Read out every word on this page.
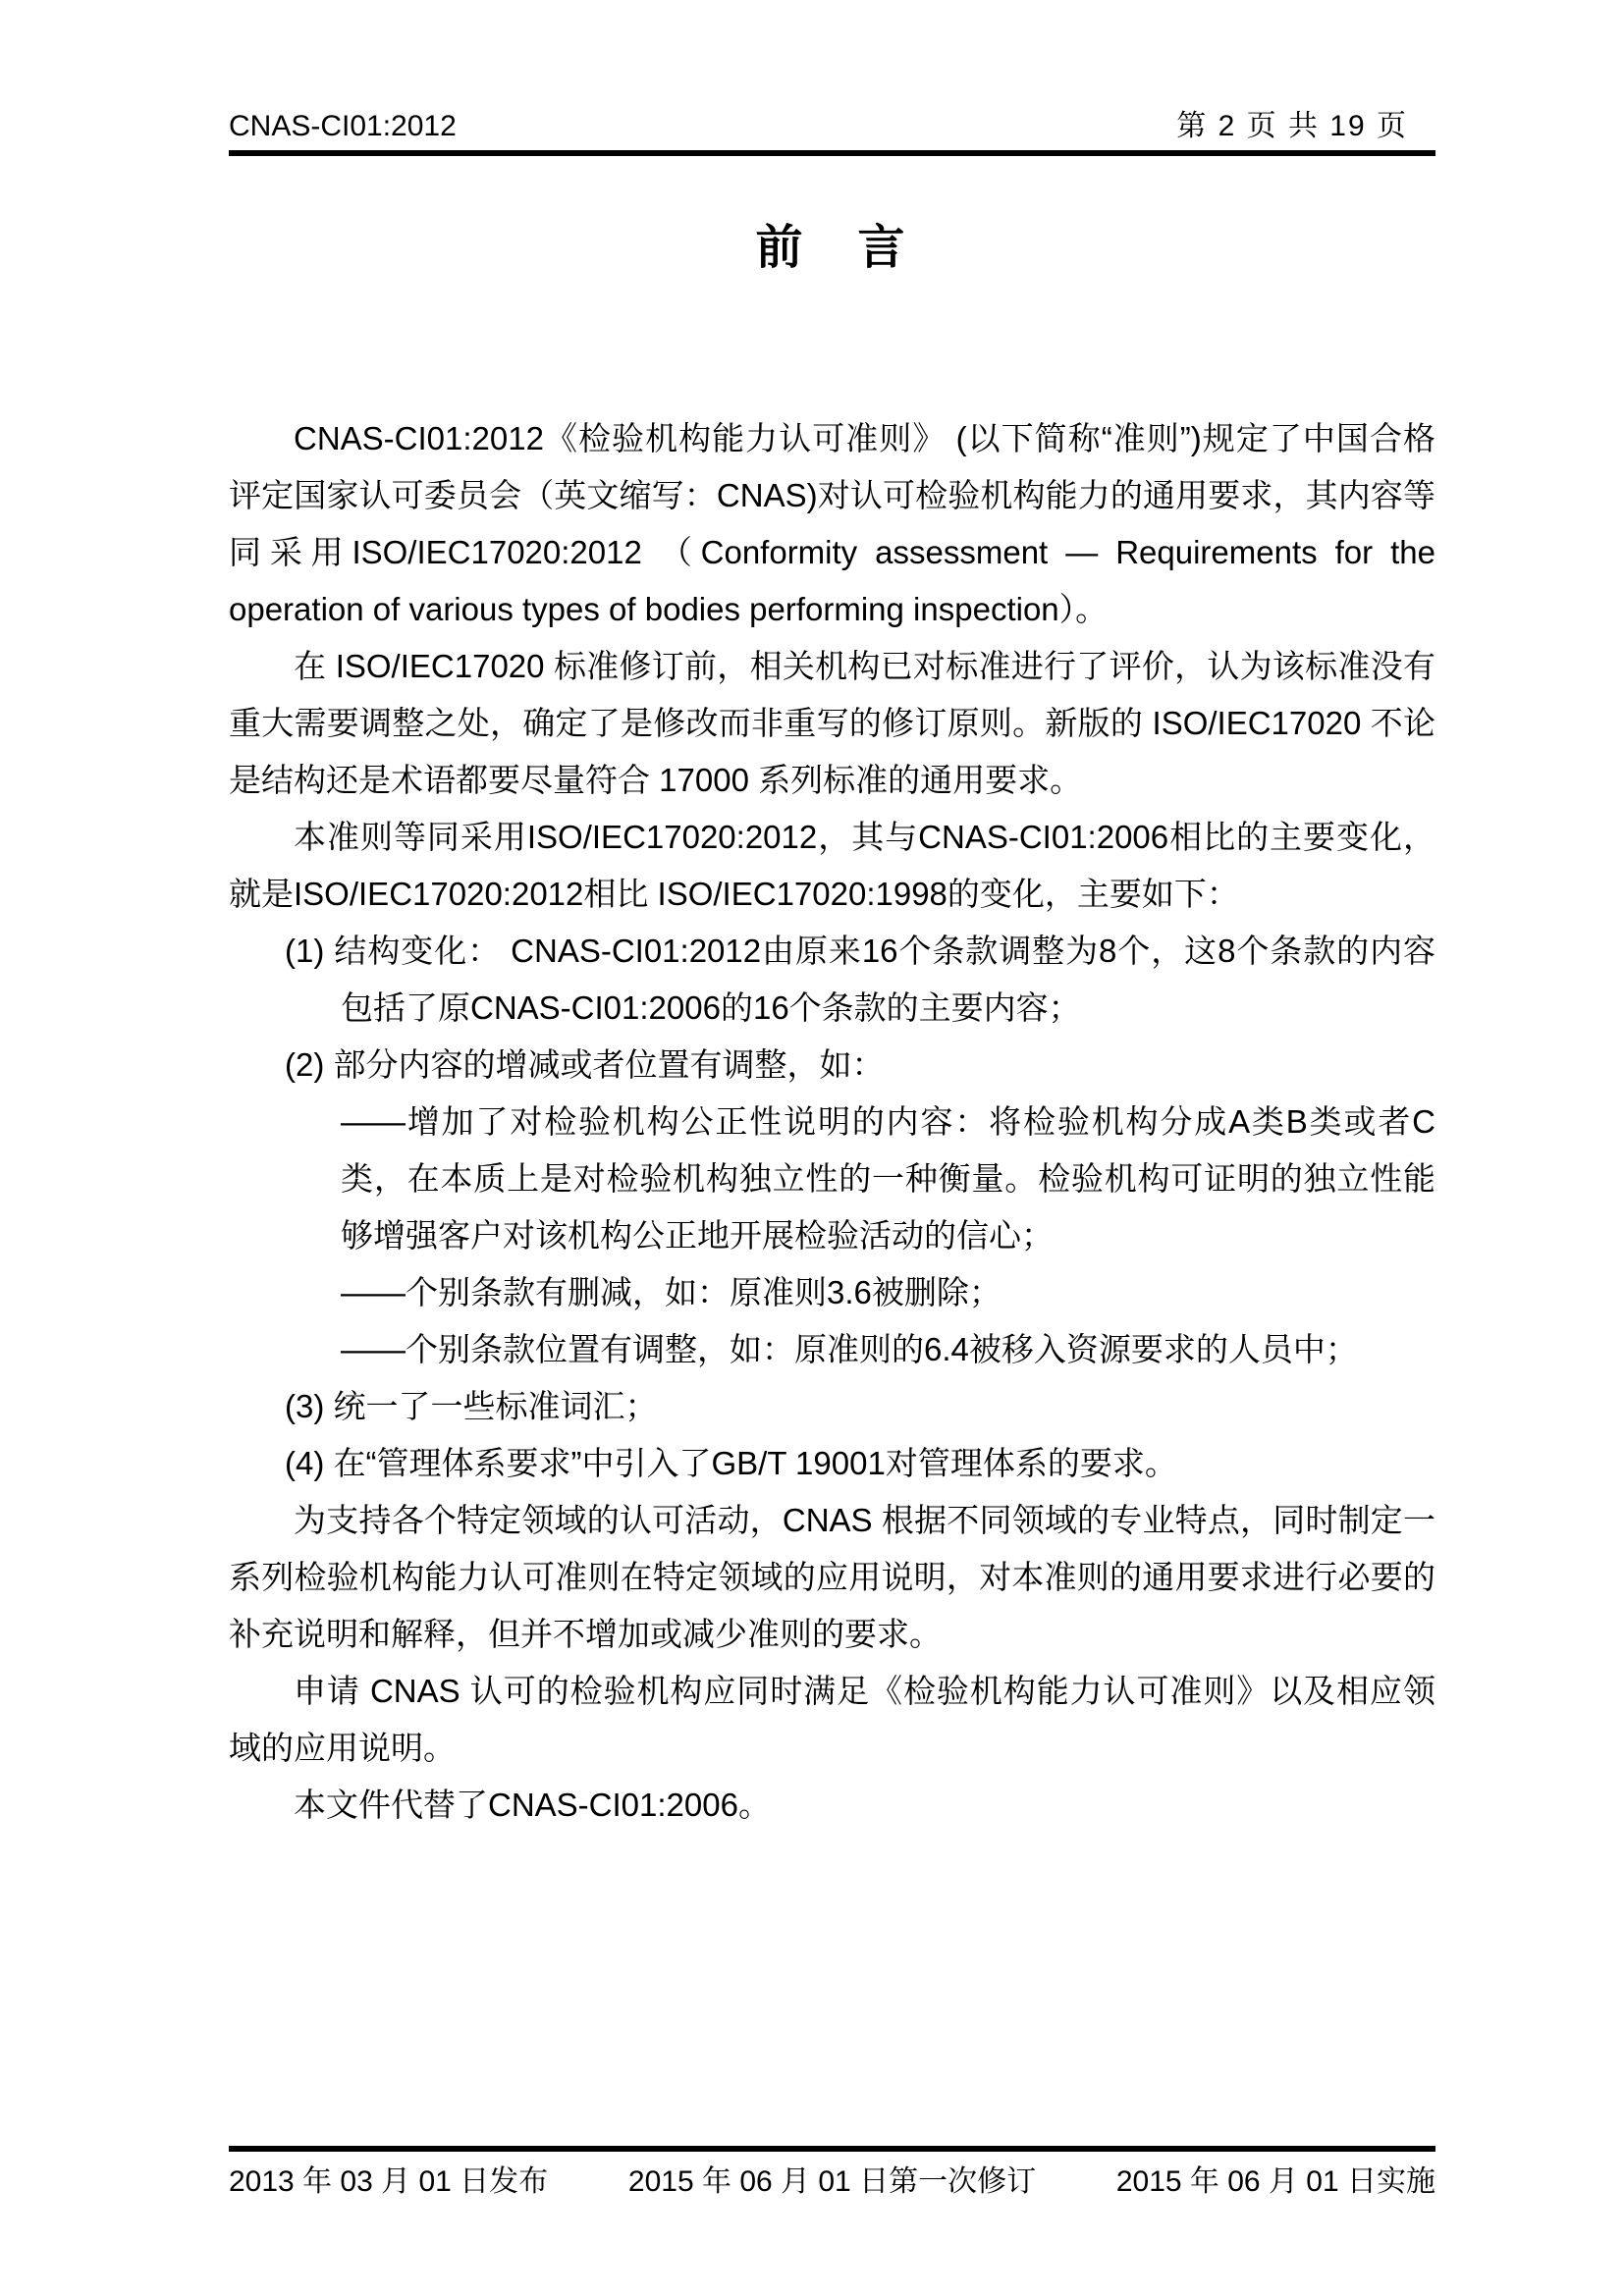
CNAS-CI01:2012	第 2 页 共 19 页
前　言
CNAS-CI01:2012《检验机构能力认可准则》 (以下简称“准则”)规定了中国合格评定国家认可委员会（英文缩写：CNAS)对认可检验机构能力的通用要求，其内容等同采用ISO/IEC17020:2012 （Conformity assessment — Requirements for the operation of various types of bodies performing inspection）。
在 ISO/IEC17020 标准修订前，相关机构已对标准进行了评价，认为该标准没有重大需要调整之处，确定了是修改而非重写的修订原则。新版的 ISO/IEC17020 不论是结构还是术语都要尽量符合 17000 系列标准的通用要求。
本准则等同采用ISO/IEC17020:2012，其与CNAS-CI01:2006相比的主要变化，就是ISO/IEC17020:2012相比 ISO/IEC17020:1998的变化，主要如下：
(1) 结构变化： CNAS-CI01:2012由原来16个条款调整为8个，这8个条款的内容包括了原CNAS-CI01:2006的16个条款的主要内容；
(2) 部分内容的增减或者位置有调整，如：
——增加了对检验机构公正性说明的内容：将检验机构分成A类B类或者C类，在本质上是对检验机构独立性的一种衡量。检验机构可证明的独立性能够增强客户对该机构公正地开展检验活动的信心；
——个别条款有删减，如：原准则3.6被删除；
——个别条款位置有调整，如：原准则的6.4被移入资源要求的人员中；
(3) 统一了一些标准词汇；
(4) 在“管理体系要求”中引入了GB/T 19001对管理体系的要求。
为支持各个特定领域的认可活动，CNAS 根据不同领域的专业特点，同时制定一系列检验机构能力认可准则在特定领域的应用说明，对本准则的通用要求进行必要的补充说明和解释，但并不增加或减少准则的要求。
申请 CNAS 认可的检验机构应同时满足《检验机构能力认可准则》以及相应领域的应用说明。
本文件代替了CNAS-CI01:2006。
2013 年 03 月 01 日发布	2015 年 06 月 01 日第一次修订	2015 年 06 月 01 日实施
